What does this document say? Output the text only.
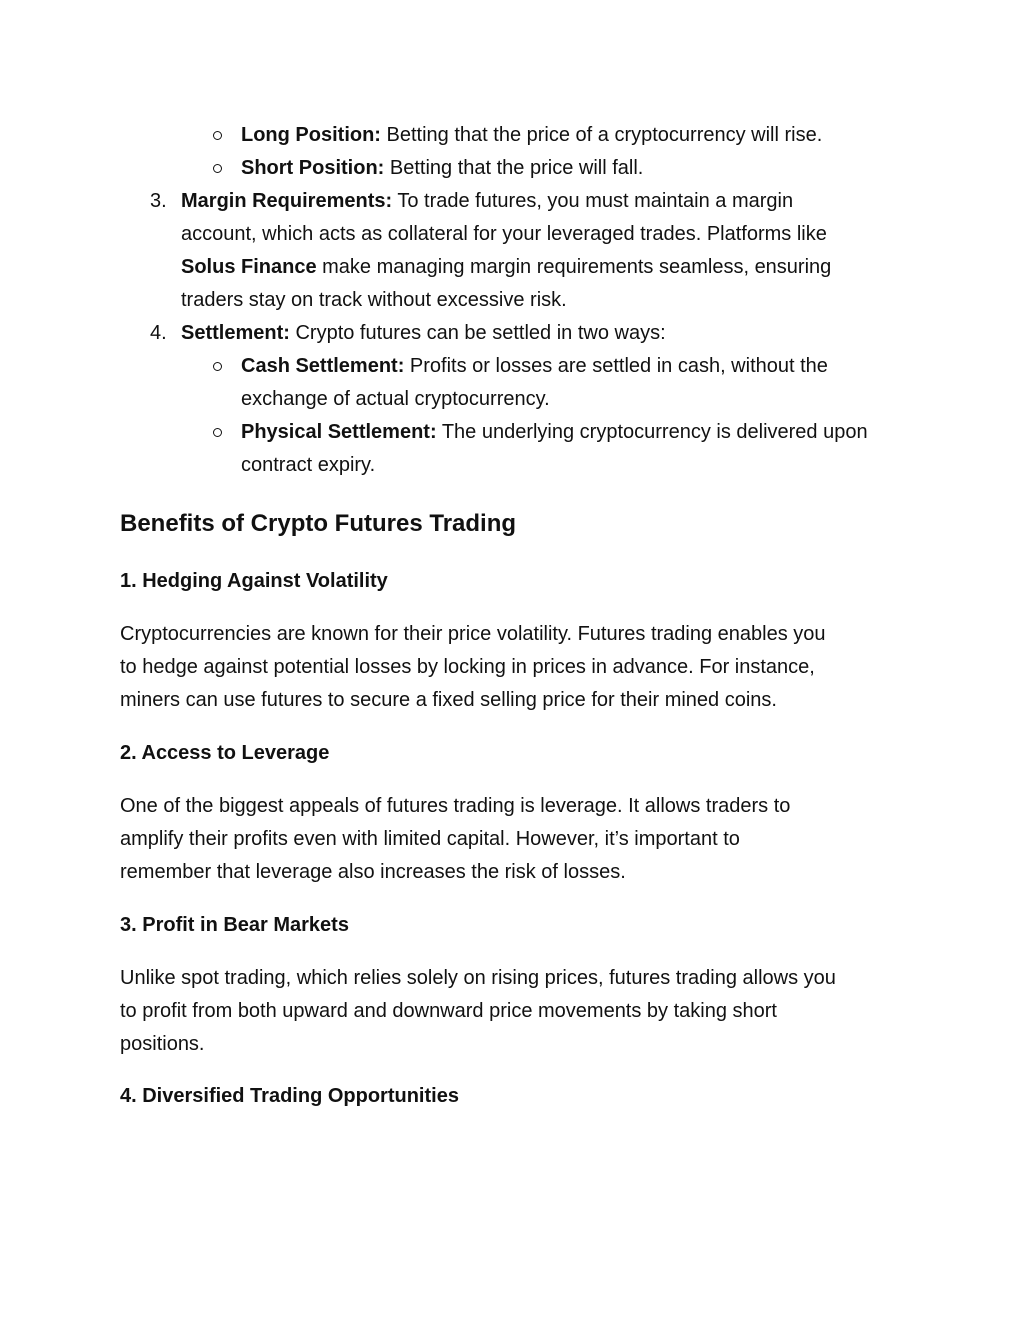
Long Position: Betting that the price of a cryptocurrency will rise.
Short Position: Betting that the price will fall.
3. Margin Requirements: To trade futures, you must maintain a margin
account, which acts as collateral for your leveraged trades. Platforms like
Solus Finance make managing margin requirements seamless, ensuring
traders stay on track without excessive risk.
4. Settlement: Crypto futures can be settled in two ways:
Cash Settlement: Profits or losses are settled in cash, without the
exchange of actual cryptocurrency.
Physical Settlement: The underlying cryptocurrency is delivered upon
contract expiry.
Benefits of Crypto Futures Trading
1. Hedging Against Volatility
Cryptocurrencies are known for their price volatility. Futures trading enables you
to hedge against potential losses by locking in prices in advance. For instance,
miners can use futures to secure a fixed selling price for their mined coins.
2. Access to Leverage
One of the biggest appeals of futures trading is leverage. It allows traders to
amplify their profits even with limited capital. However, it’s important to
remember that leverage also increases the risk of losses.
3. Profit in Bear Markets
Unlike spot trading, which relies solely on rising prices, futures trading allows you
to profit from both upward and downward price movements by taking short
positions.
4. Diversified Trading Opportunities
